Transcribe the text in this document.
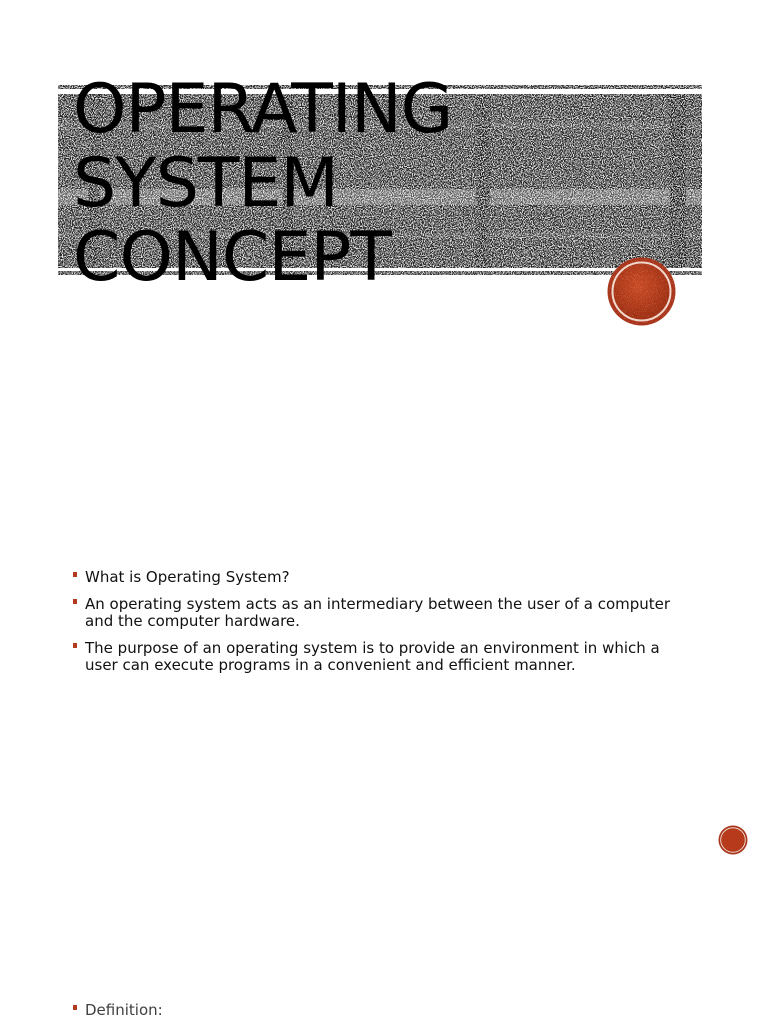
OPERATING
SYSTEM
CONCEPT
What is Operating System?
An operating system acts as an intermediary between the user of a computer and the computer hardware.
The purpose of an operating system is to provide an environment in which a user can execute programs in a convenient and efficient manner.
Definition:
